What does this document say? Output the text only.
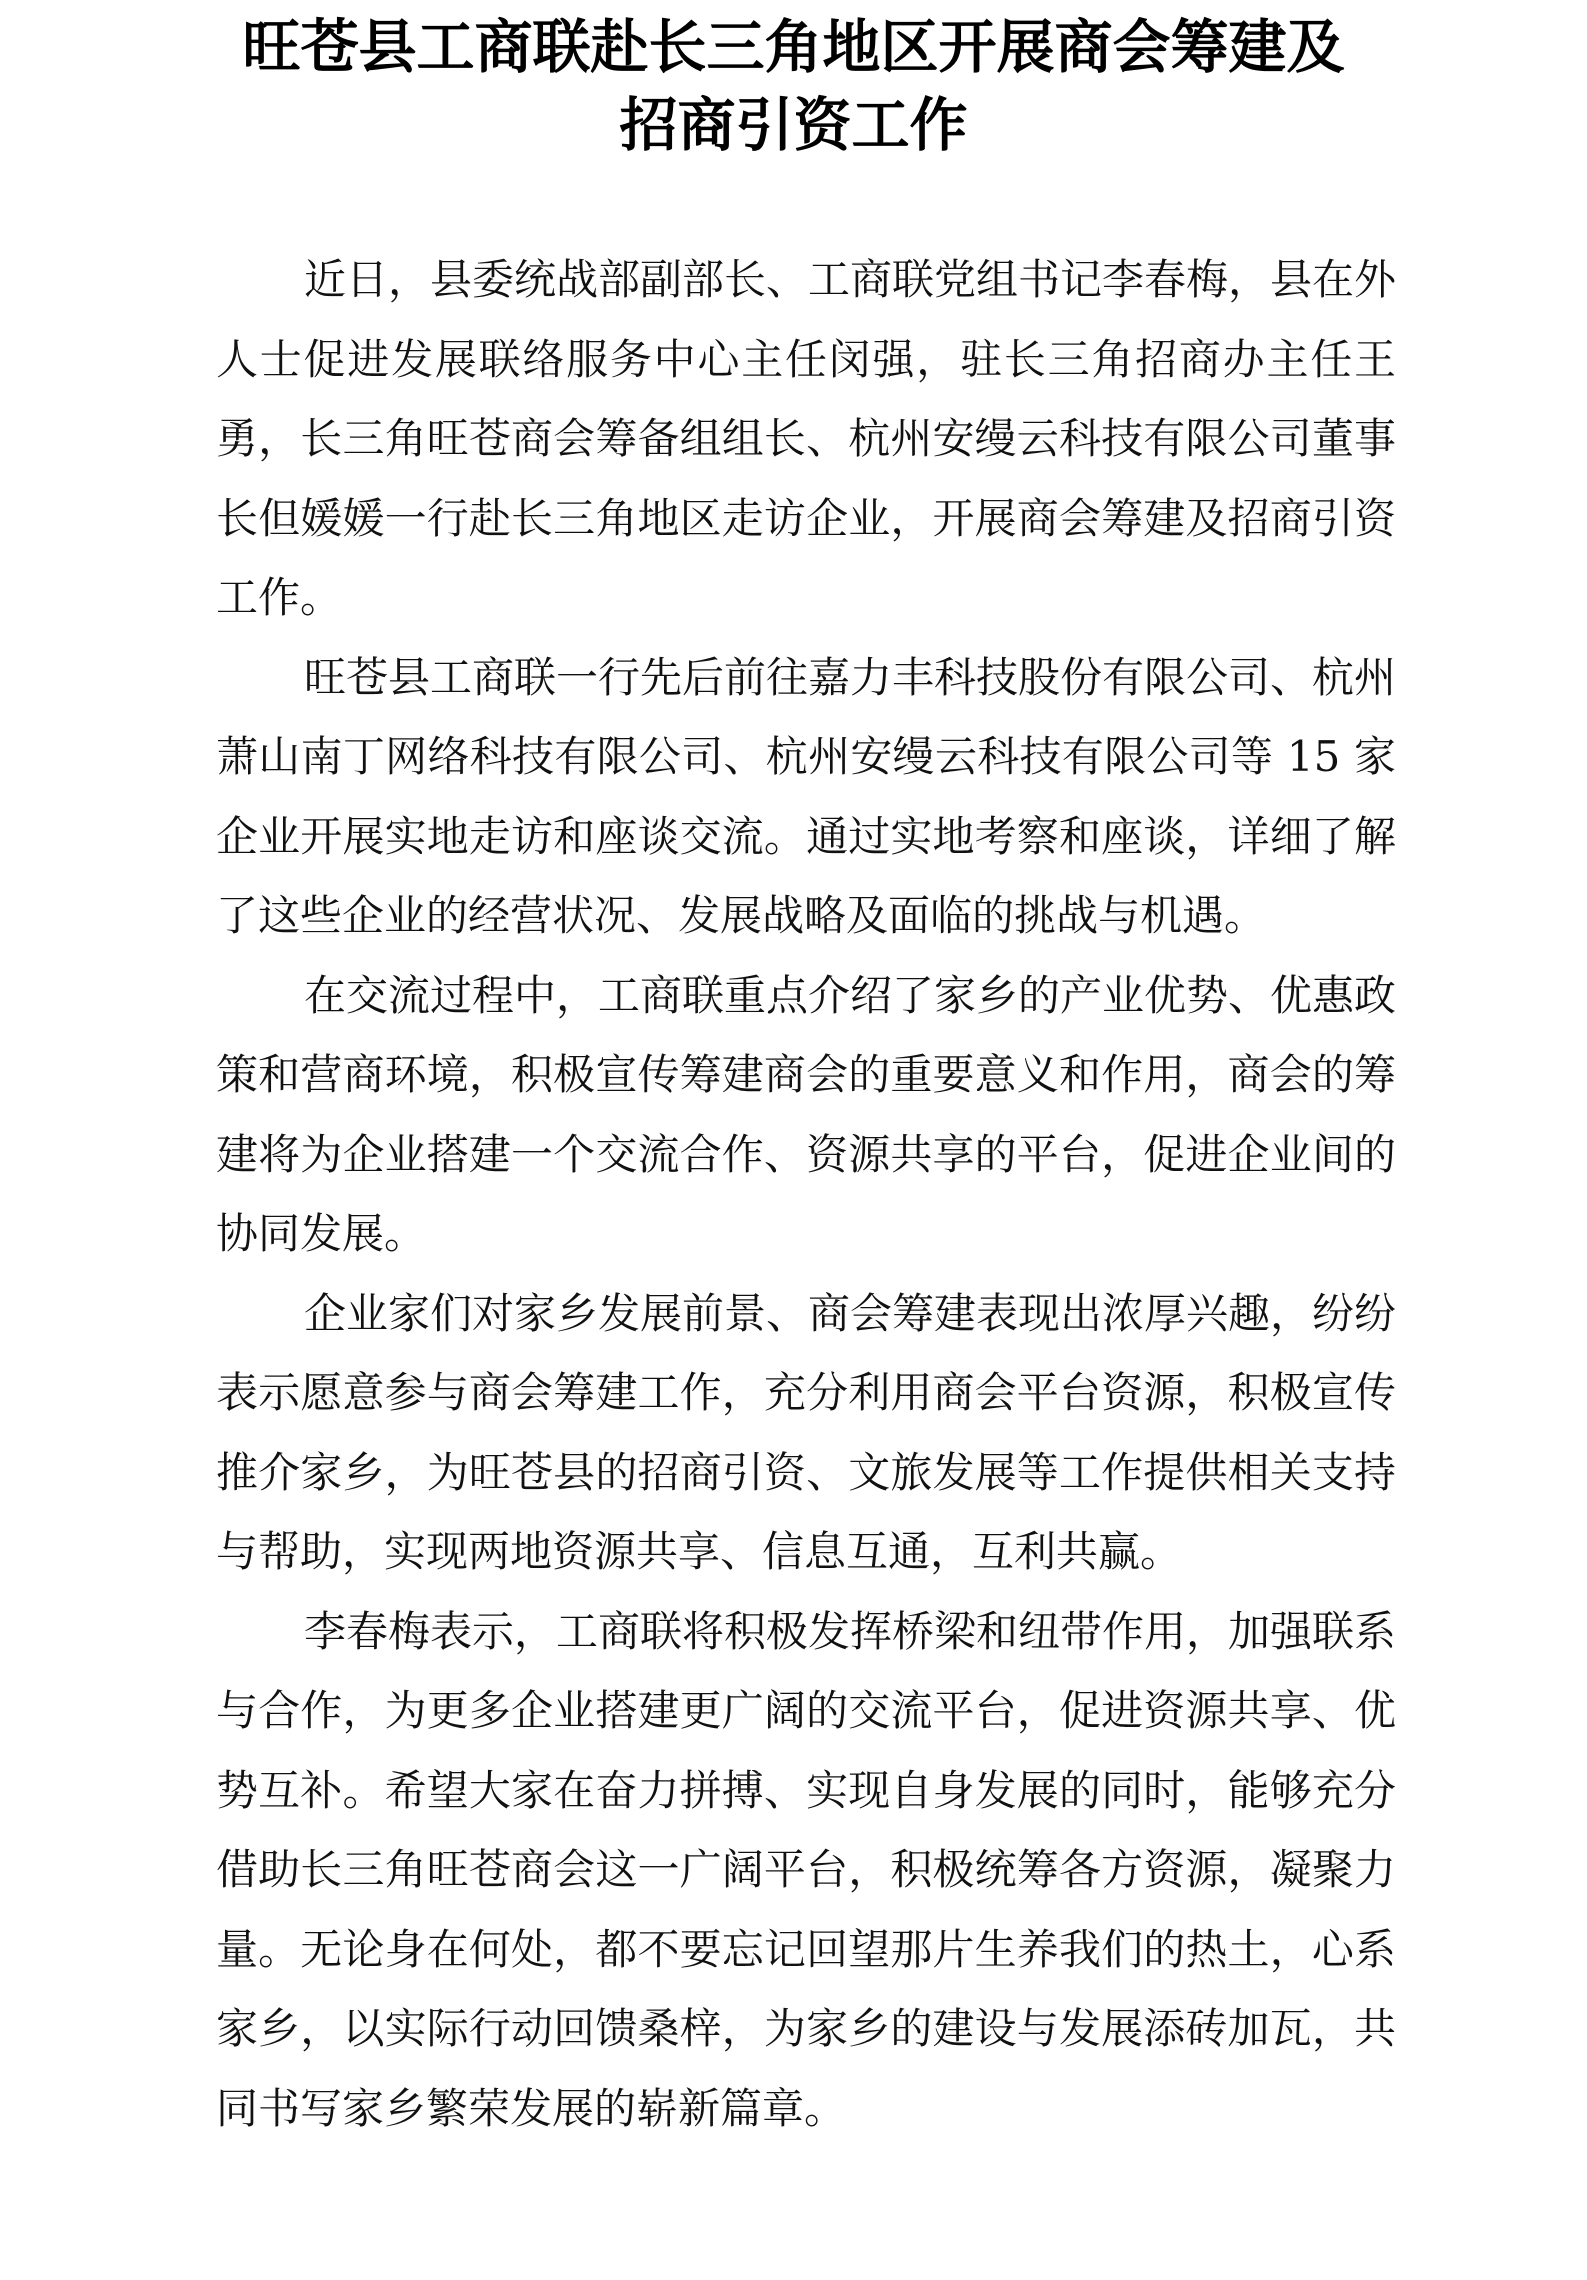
旺苍县工商联赴长三角地区开展商会筹建及
招商引资工作

近日，县委统战部副部长、工商联党组书记李春梅，县在外人士促进发展联络服务中心主任闵强，驻长三角招商办主任王勇，长三角旺苍商会筹备组组长、杭州安缦云科技有限公司董事长但媛媛一行赴长三角地区走访企业，开展商会筹建及招商引资工作。

旺苍县工商联一行先后前往嘉力丰科技股份有限公司、杭州萧山南丁网络科技有限公司、杭州安缦云科技有限公司等 15 家企业开展实地走访和座谈交流。通过实地考察和座谈，详细了解了这些企业的经营状况、发展战略及面临的挑战与机遇。

在交流过程中，工商联重点介绍了家乡的产业优势、优惠政策和营商环境，积极宣传筹建商会的重要意义和作用，商会的筹建将为企业搭建一个交流合作、资源共享的平台，促进企业间的协同发展。

企业家们对家乡发展前景、商会筹建表现出浓厚兴趣，纷纷表示愿意参与商会筹建工作，充分利用商会平台资源，积极宣传推介家乡，为旺苍县的招商引资、文旅发展等工作提供相关支持与帮助，实现两地资源共享、信息互通，互利共赢。

李春梅表示，工商联将积极发挥桥梁和纽带作用，加强联系与合作，为更多企业搭建更广阔的交流平台，促进资源共享、优势互补。希望大家在奋力拼搏、实现自身发展的同时，能够充分借助长三角旺苍商会这一广阔平台，积极统筹各方资源，凝聚力量。无论身在何处，都不要忘记回望那片生养我们的热土，心系家乡，以实际行动回馈桑梓，为家乡的建设与发展添砖加瓦，共同书写家乡繁荣发展的崭新篇章。
